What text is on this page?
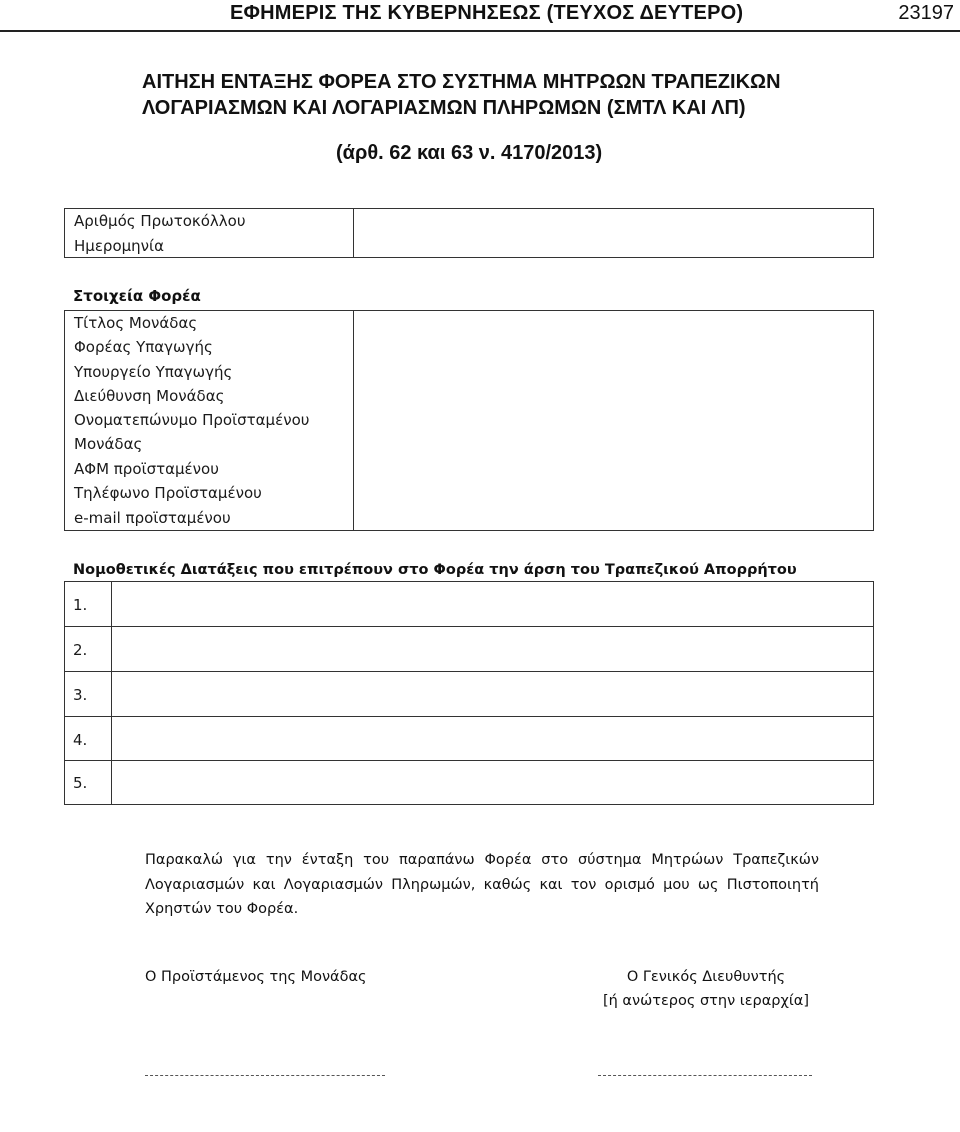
ΕΦΗΜΕΡΙΣ ΤΗΣ ΚΥΒΕΡΝΗΣΕΩΣ (ΤΕΥΧΟΣ ΔΕΥΤΕΡΟ)	23197
ΑΙΤΗΣΗ ΕΝΤΑΞΗΣ ΦΟΡΕΑ ΣΤΟ ΣΥΣΤΗΜΑ ΜΗΤΡΩΩΝ ΤΡΑΠΕΖΙΚΩΝ
ΛΟΓΑΡΙΑΣΜΩΝ ΚΑΙ ΛΟΓΑΡΙΑΣΜΩΝ ΠΛΗΡΩΜΩΝ (ΣΜΤΛ ΚΑΙ ΛΠ)
(άρθ. 62 και 63 ν. 4170/2013)
Αριθμός Πρωτοκόλλου
Ημερομηνία
Στοιχεία Φορέα
Τίτλος Μονάδας
Φορέας Υπαγωγής
Υπουργείο Υπαγωγής
Διεύθυνση Μονάδας
Ονοματεπώνυμο Προϊσταμένου
Μονάδας
ΑΦΜ προϊσταμένου
Τηλέφωνο Προϊσταμένου
e-mail προϊσταμένου
Νομοθετικές Διατάξεις που επιτρέπουν στο Φορέα την άρση του Τραπεζικού Απορρήτου
1.
2.
3.
4.
5.
Παρακαλώ για την ένταξη του παραπάνω Φορέα στο σύστημα Μητρώων Τραπεζικών Λογαριασμών και Λογαριασμών Πληρωμών, καθώς και τον ορισμό μου ως Πιστοποιητή Χρηστών του Φορέα.
Ο Προϊστάμενος της Μονάδας	Ο Γενικός Διευθυντής
[ή ανώτερος στην ιεραρχία]
